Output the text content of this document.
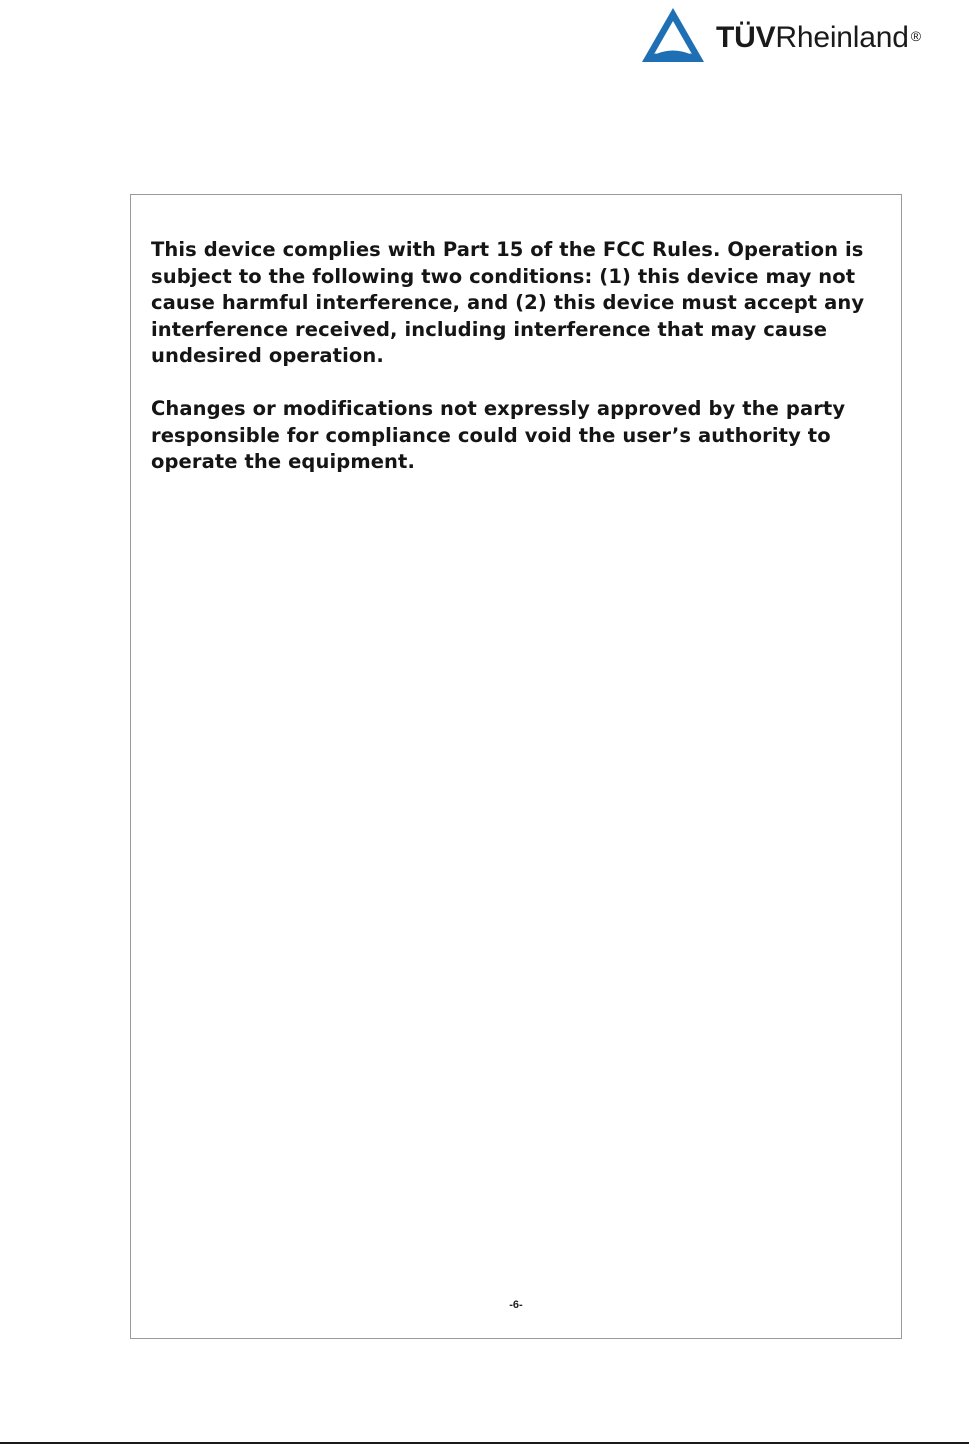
TÜVRheinland ®

This device complies with Part 15 of the FCC Rules. Operation is subject to the following two conditions: (1) this device may not cause harmful interference, and (2) this device must accept any interference received, including interference that may cause undesired operation.

Changes or modifications not expressly approved by the party responsible for compliance could void the user’s authority to operate the equipment.

-6-
